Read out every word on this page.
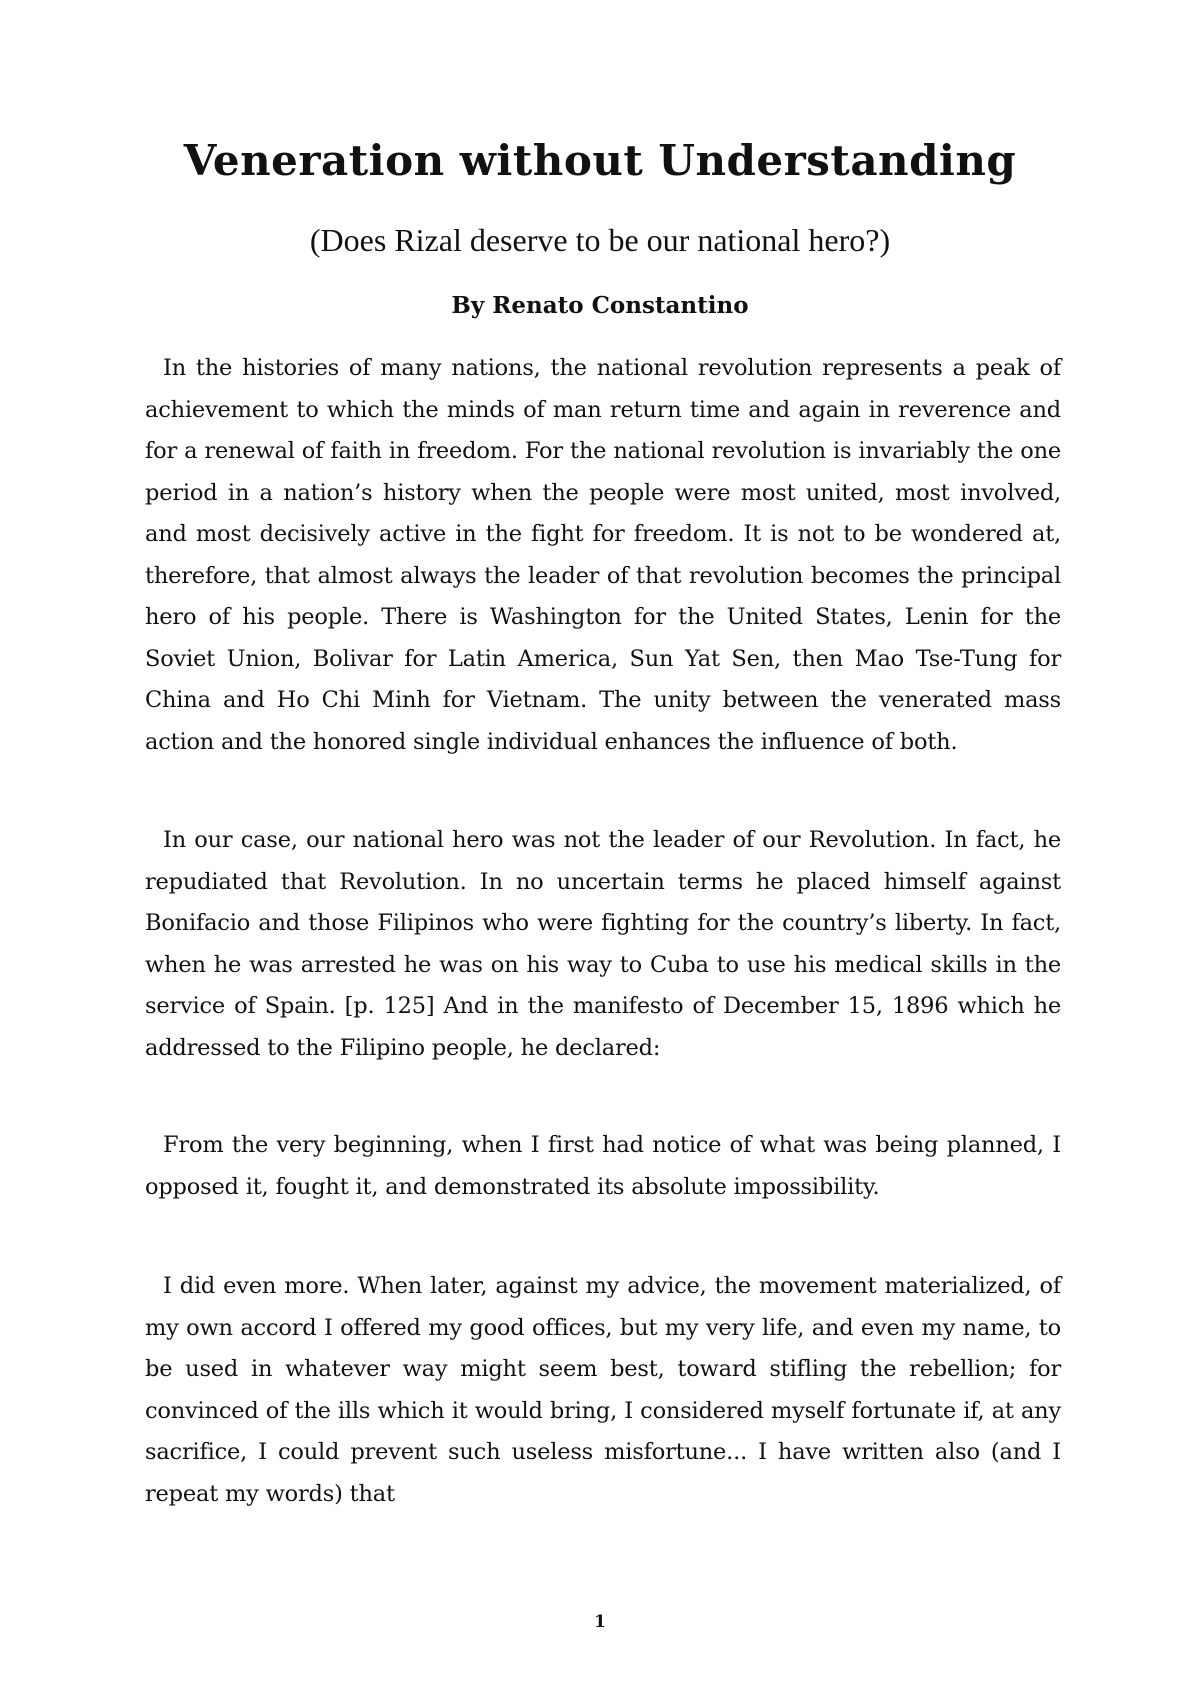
Veneration without Understanding

(Does Rizal deserve to be our national hero?)

By Renato Constantino

In the histories of many nations, the national revolution represents a peak of achievement to which the minds of man return time and again in reverence and for a renewal of faith in freedom. For the national revolution is invariably the one period in a nation’s history when the people were most united, most involved, and most decisively active in the fight for freedom. It is not to be wondered at, therefore, that almost always the leader of that revolution becomes the principal hero of his people. There is Washington for the United States, Lenin for the Soviet Union, Bolivar for Latin America, Sun Yat Sen, then Mao Tse-Tung for China and Ho Chi Minh for Vietnam. The unity between the venerated mass action and the honored single individual enhances the influence of both.

In our case, our national hero was not the leader of our Revolution. In fact, he repudiated that Revolution. In no uncertain terms he placed himself against Bonifacio and those Filipinos who were fighting for the country’s liberty. In fact, when he was arrested he was on his way to Cuba to use his medical skills in the service of Spain. [p. 125] And in the manifesto of December 15, 1896 which he addressed to the Filipino people, he declared:

From the very beginning, when I first had notice of what was being planned, I opposed it, fought it, and demonstrated its absolute impossibility.

I did even more. When later, against my advice, the movement materialized, of my own accord I offered my good offices, but my very life, and even my name, to be used in whatever way might seem best, toward stifling the rebellion; for convinced of the ills which it would bring, I considered myself fortunate if, at any sacrifice, I could prevent such useless misfortune... I have written also (and I repeat my words) that

1
